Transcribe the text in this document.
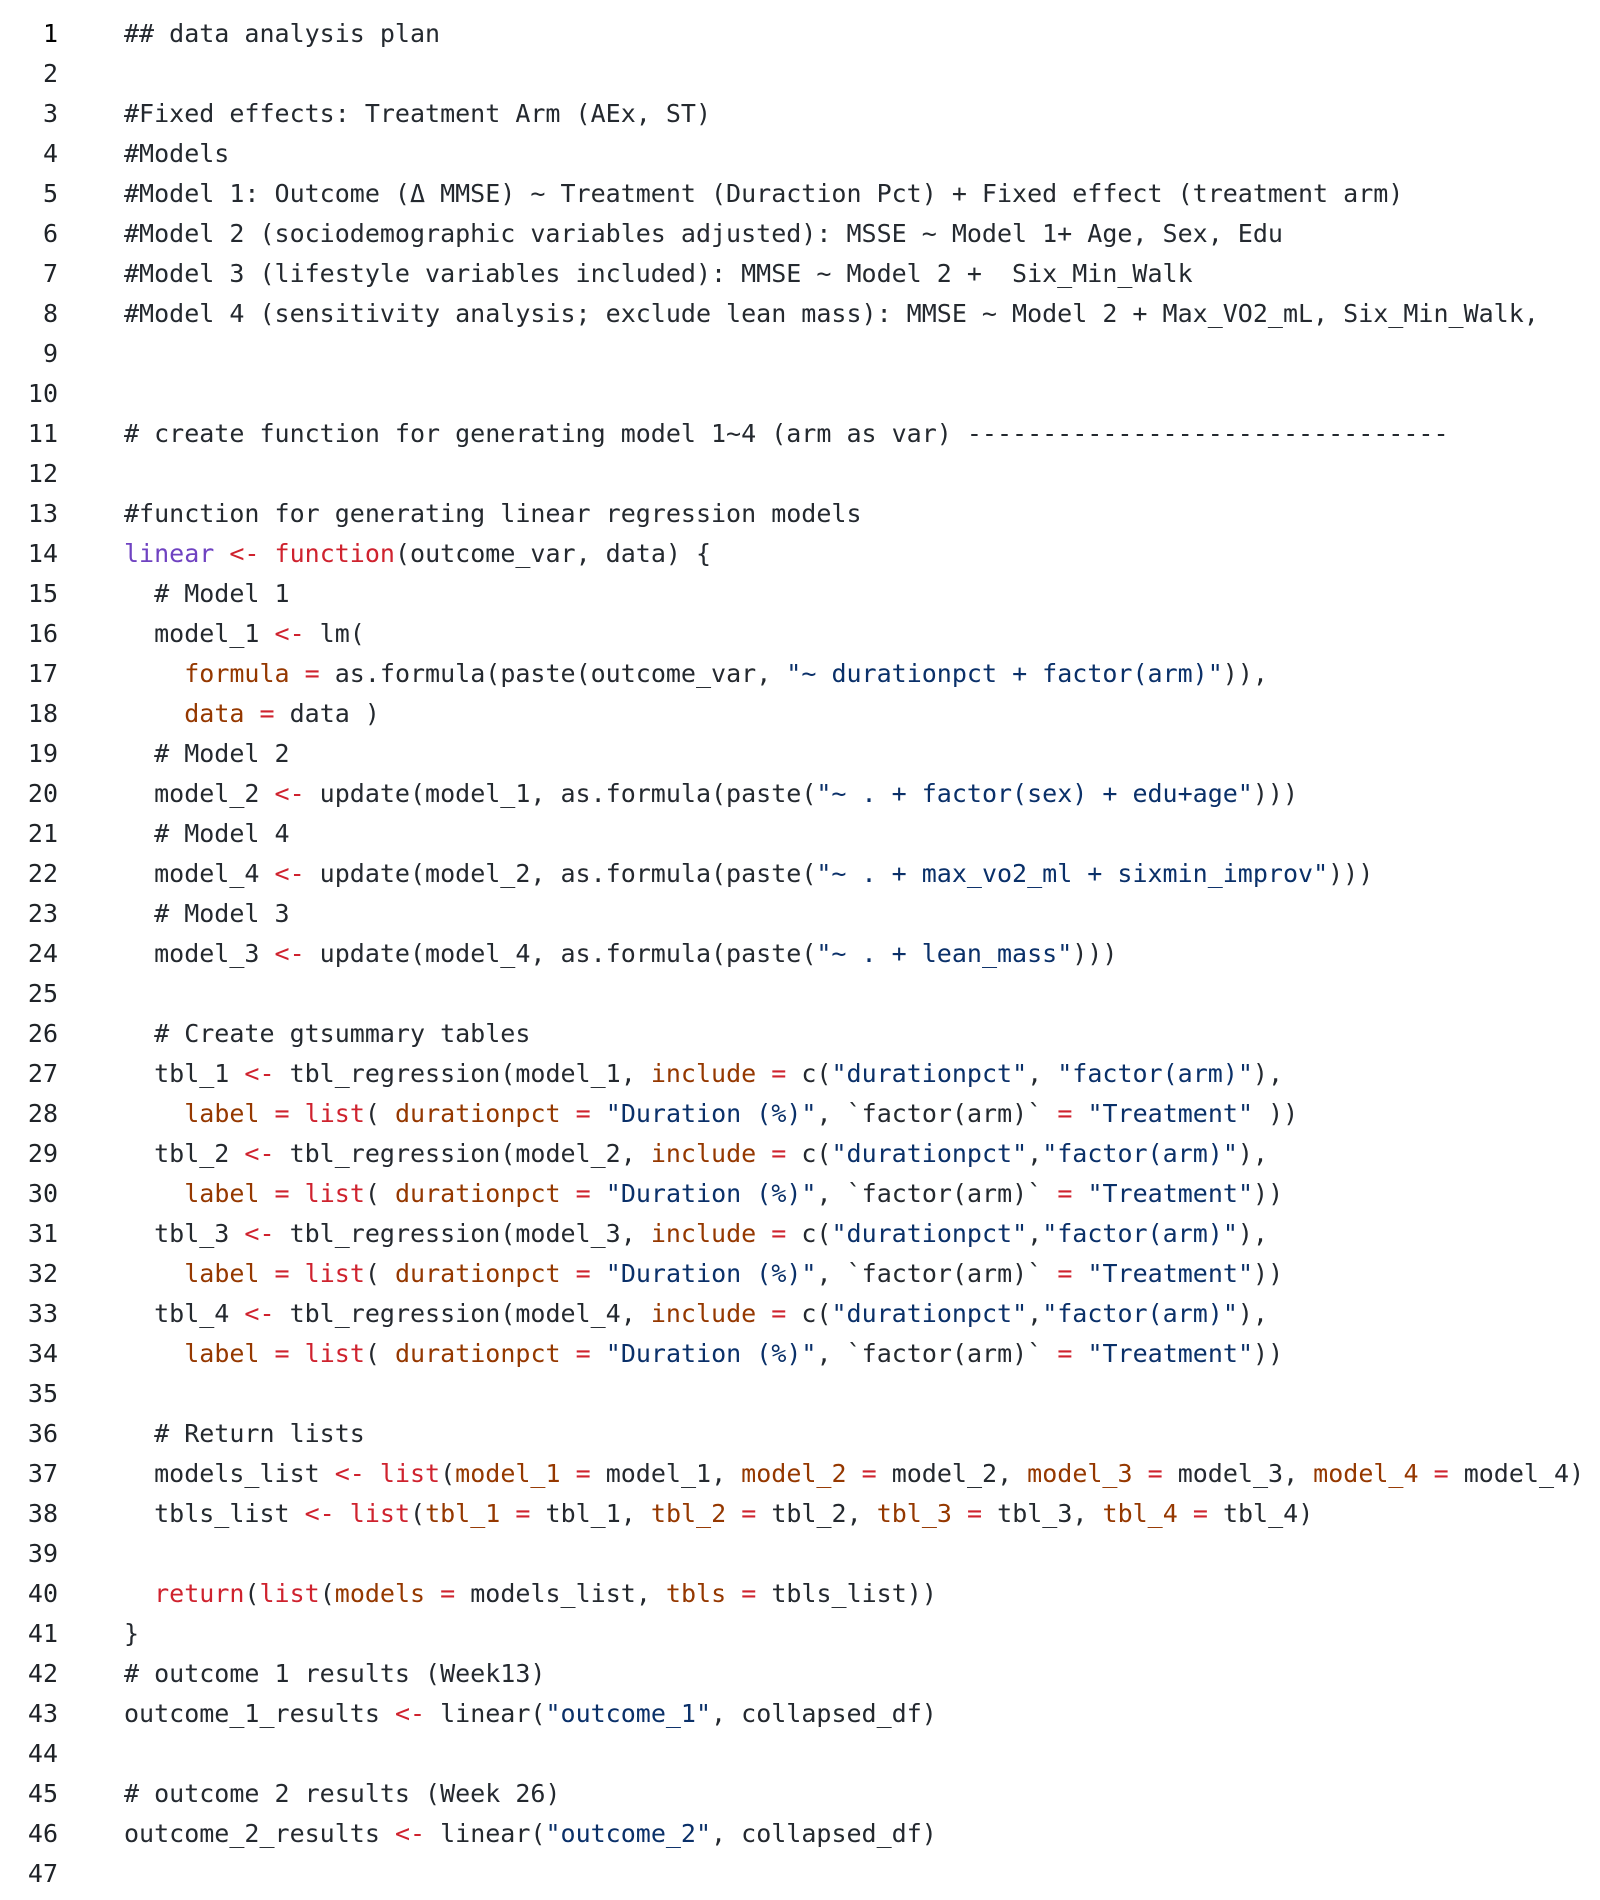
1	## data analysis plan
2
3	#Fixed effects: Treatment Arm (AEx, ST)
4	#Models
5	#Model 1: Outcome (Δ MMSE) ~ Treatment (Duraction Pct) + Fixed effect (treatment arm)
6	#Model 2 (sociodemographic variables adjusted): MSSE ~ Model 1+ Age, Sex, Edu
7	#Model 3 (lifestyle variables included): MMSE ~ Model 2 +  Six_Min_Walk
8	#Model 4 (sensitivity analysis; exclude lean mass): MMSE ~ Model 2 + Max_VO2_mL, Six_Min_Walk,
9
10
11	# create function for generating model 1~4 (arm as var) --------------------------------
12
13	#function for generating linear regression models
14	linear <- function(outcome_var, data) {
15	# Model 1
16	model_1 <- lm(
17	formula = as.formula(paste(outcome_var, "~ durationpct + factor(arm)")),
18	data = data )
19	# Model 2
20	model_2 <- update(model_1, as.formula(paste("~ . + factor(sex) + edu+age")))
21	# Model 4
22	model_4 <- update(model_2, as.formula(paste("~ . + max_vo2_ml + sixmin_improv")))
23	# Model 3
24	model_3 <- update(model_4, as.formula(paste("~ . + lean_mass")))
25
26	# Create gtsummary tables
27	tbl_1 <- tbl_regression(model_1, include = c("durationpct", "factor(arm)"),
28	label = list( durationpct = "Duration (%)", `factor(arm)` = "Treatment" ))
29	tbl_2 <- tbl_regression(model_2, include = c("durationpct","factor(arm)"),
30	label = list( durationpct = "Duration (%)", `factor(arm)` = "Treatment"))
31	tbl_3 <- tbl_regression(model_3, include = c("durationpct","factor(arm)"),
32	label = list( durationpct = "Duration (%)", `factor(arm)` = "Treatment"))
33	tbl_4 <- tbl_regression(model_4, include = c("durationpct","factor(arm)"),
34	label = list( durationpct = "Duration (%)", `factor(arm)` = "Treatment"))
35
36	# Return lists
37	models_list <- list(model_1 = model_1, model_2 = model_2, model_3 = model_3, model_4 = model_4)
38	tbls_list <- list(tbl_1 = tbl_1, tbl_2 = tbl_2, tbl_3 = tbl_3, tbl_4 = tbl_4)
39
40	return(list(models = models_list, tbls = tbls_list))
41	}
42	# outcome 1 results (Week13)
43	outcome_1_results <- linear("outcome_1", collapsed_df)
44
45	# outcome 2 results (Week 26)
46	outcome_2_results <- linear("outcome_2", collapsed_df)
47
